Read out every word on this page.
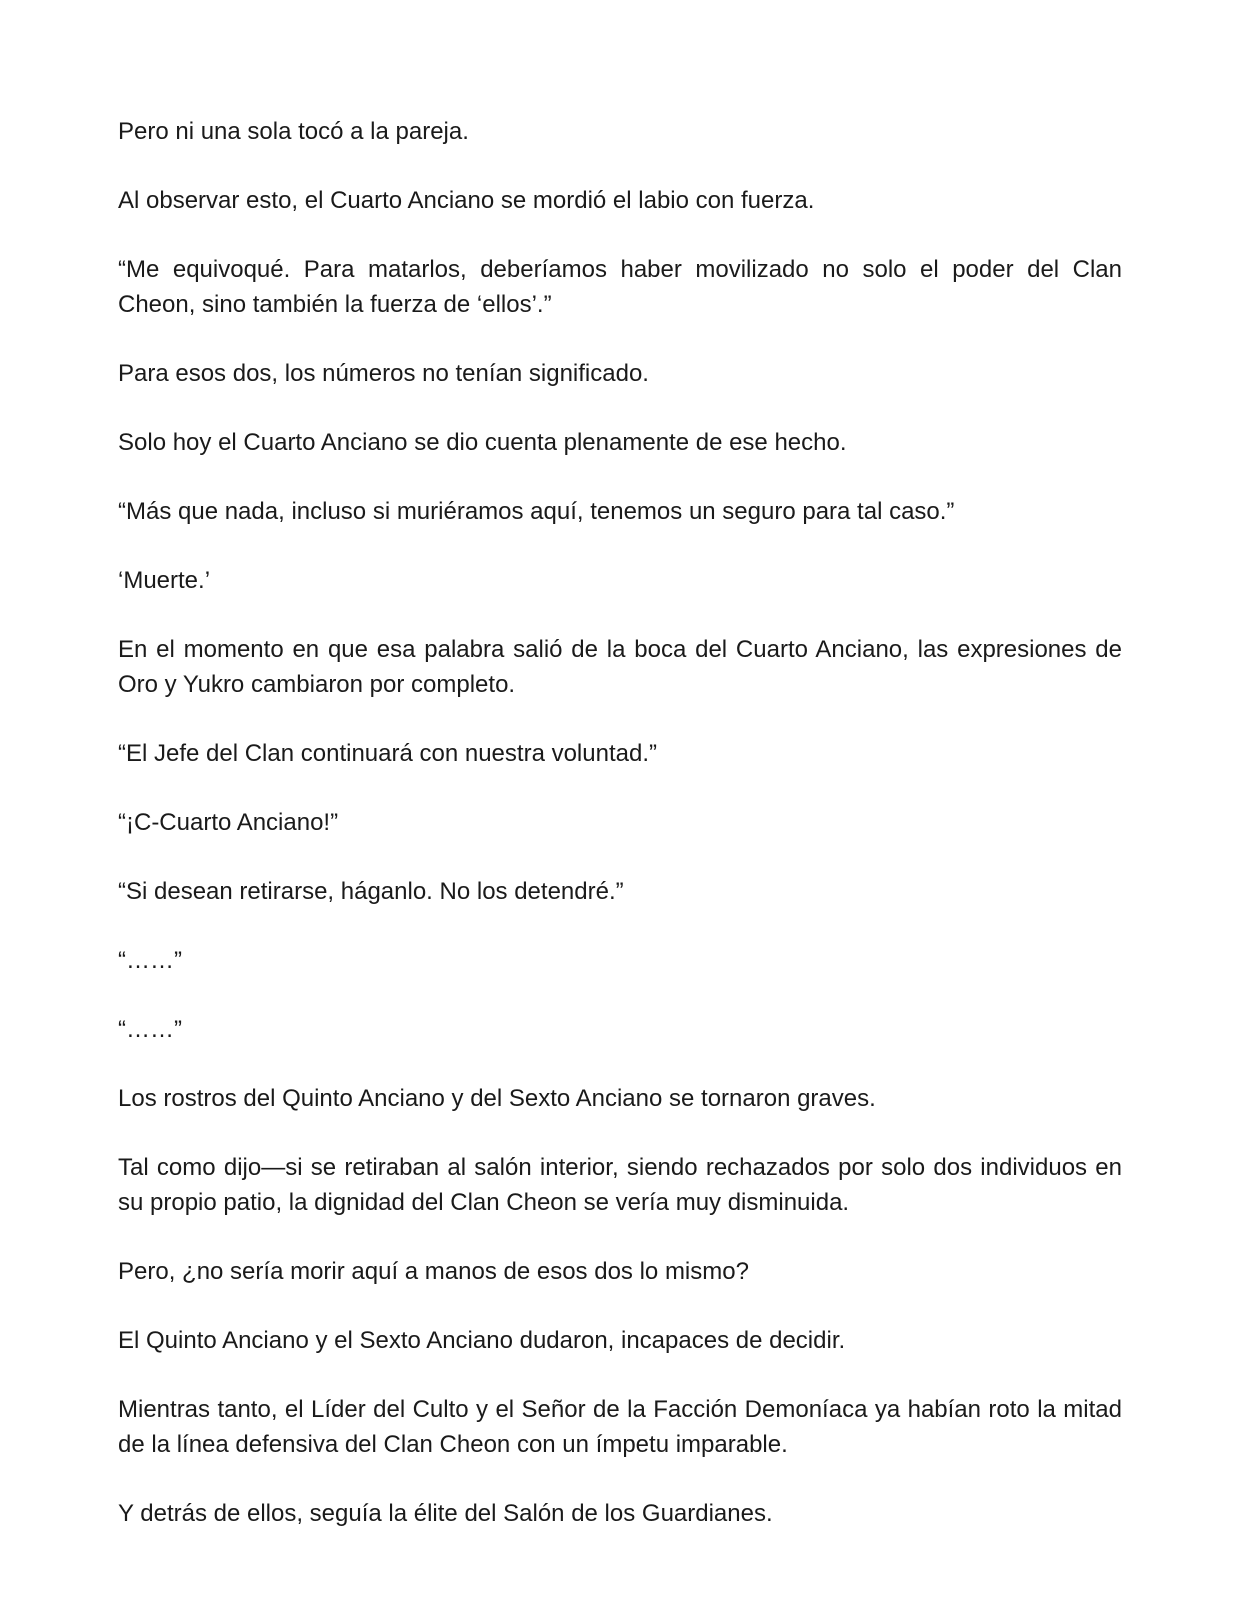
Pero ni una sola tocó a la pareja.

Al observar esto, el Cuarto Anciano se mordió el labio con fuerza.

“Me equivoqué. Para matarlos, deberíamos haber movilizado no solo el poder del Clan Cheon, sino también la fuerza de ‘ellos’.”

Para esos dos, los números no tenían significado.

Solo hoy el Cuarto Anciano se dio cuenta plenamente de ese hecho.

“Más que nada, incluso si muriéramos aquí, tenemos un seguro para tal caso.”

‘Muerte.’

En el momento en que esa palabra salió de la boca del Cuarto Anciano, las expresiones de Oro y Yukro cambiaron por completo.

“El Jefe del Clan continuará con nuestra voluntad.”

“¡C-Cuarto Anciano!”

“Si desean retirarse, háganlo. No los detendré.”

“……”

“……”

Los rostros del Quinto Anciano y del Sexto Anciano se tornaron graves.

Tal como dijo—si se retiraban al salón interior, siendo rechazados por solo dos individuos en su propio patio, la dignidad del Clan Cheon se vería muy disminuida.

Pero, ¿no sería morir aquí a manos de esos dos lo mismo?

El Quinto Anciano y el Sexto Anciano dudaron, incapaces de decidir.

Mientras tanto, el Líder del Culto y el Señor de la Facción Demoníaca ya habían roto la mitad de la línea defensiva del Clan Cheon con un ímpetu imparable.

Y detrás de ellos, seguía la élite del Salón de los Guardianes.
